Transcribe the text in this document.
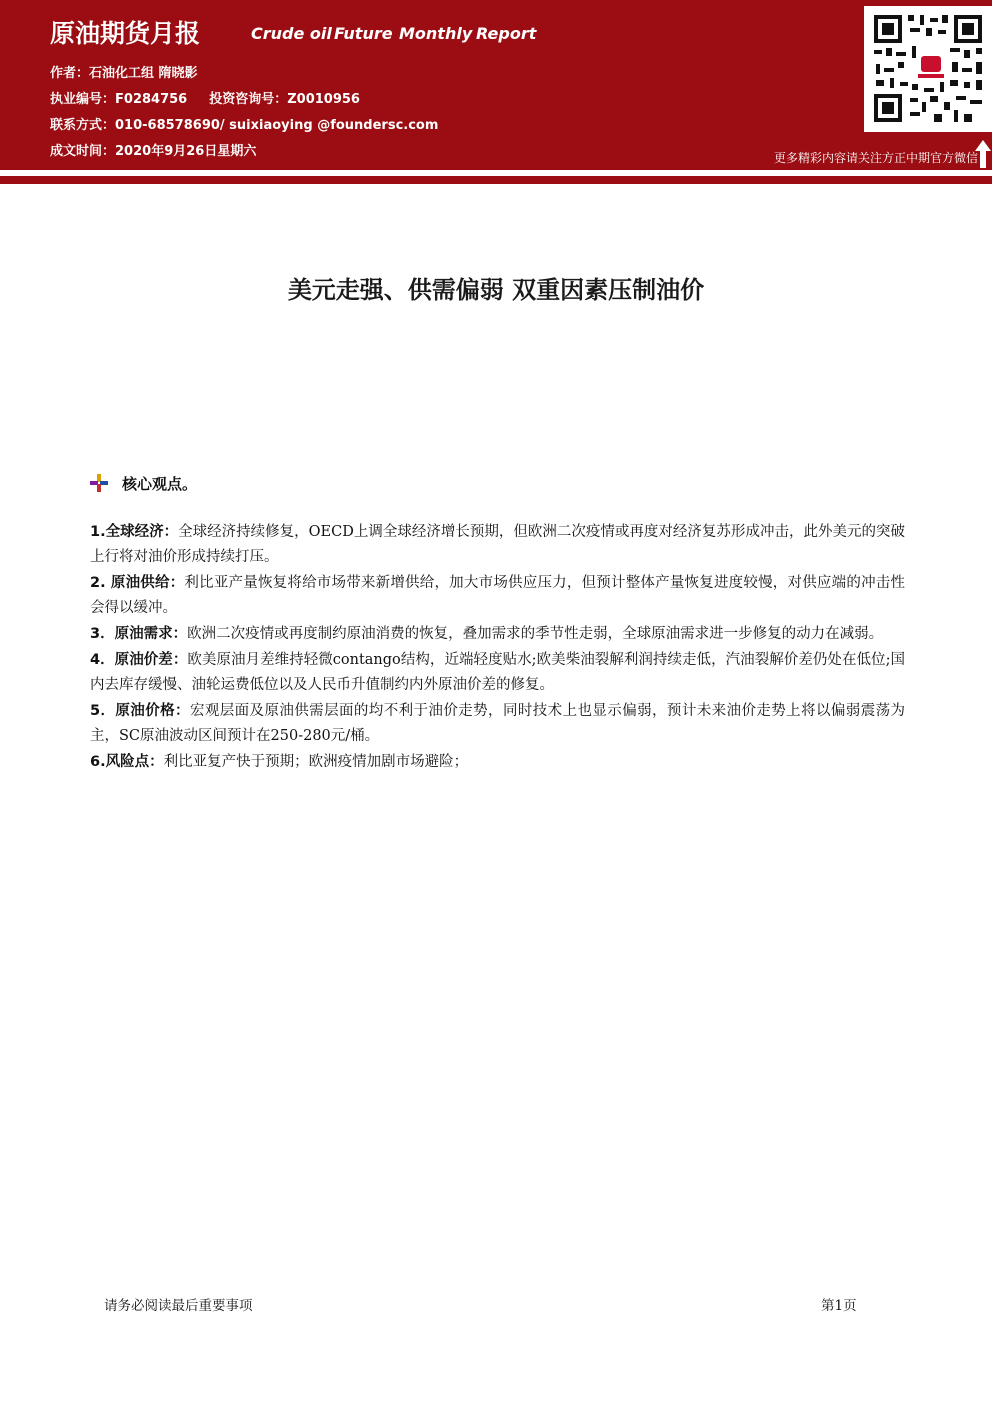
原油期货月报	Crude oil Future Monthly Report
作者：石油化工组 隋晓影
执业编号：F0284756 投资咨询号：Z0010956
联系方式：010-68578690/ suixiaoying @foundersc.com
成文时间：2020年9月26日星期六	更多精彩内容请关注方正中期官方微信
美元走强、供需偏弱 双重因素压制油价
核心观点。

1.全球经济：全球经济持续修复，OECD上调全球经济增长预期，但欧洲二次疫情或再度对经济复苏形成冲击，此外美元的突破上行将对油价形成持续打压。

2. 原油供给：利比亚产量恢复将给市场带来新增供给，加大市场供应压力，但预计整体产量恢复进度较慢，对供应端的冲击性会得以缓冲。

3．原油需求：欧洲二次疫情或再度制约原油消费的恢复，叠加需求的季节性走弱，全球原油需求进一步修复的动力在减弱。

4．原油价差：欧美原油月差维持轻微contango结构，近端轻度贴水;欧美柴油裂解利润持续走低，汽油裂解价差仍处在低位;国内去库存缓慢、油轮运费低位以及人民币升值制约内外原油价差的修复。

5．原油价格：宏观层面及原油供需层面的均不利于油价走势，同时技术上也显示偏弱，预计未来油价走势上将以偏弱震荡为主，SC原油波动区间预计在250-280元/桶。

6.风险点：利比亚复产快于预期；欧洲疫情加剧市场避险；

请务必阅读最后重要事项	第1页
